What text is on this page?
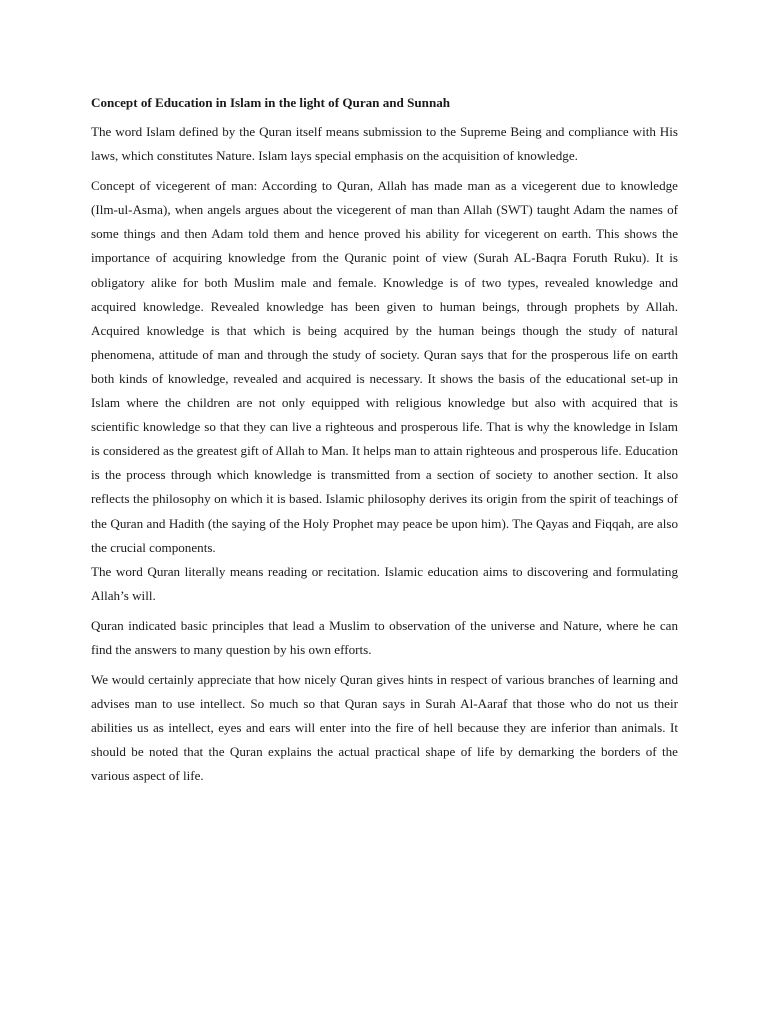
Concept of Education in Islam in the light of Quran and Sunnah

The word Islam defined by the Quran itself means submission to the Supreme Being and compliance with His laws, which constitutes Nature. Islam lays special emphasis on the acquisition of knowledge.

Concept of vicegerent of man: According to Quran, Allah has made man as a vicegerent due to knowledge (Ilm-ul-Asma), when angels argues about the vicegerent of man than Allah (SWT) taught Adam the names of some things and then Adam told them and hence proved his ability for vicegerent on earth. This shows the importance of acquiring knowledge from the Quranic point of view (Surah AL-Baqra Foruth Ruku). It is obligatory alike for both Muslim male and female. Knowledge is of two types, revealed knowledge and acquired knowledge. Revealed knowledge has been given to human beings, through prophets by Allah. Acquired knowledge is that which is being acquired by the human beings though the study of natural phenomena, attitude of man and through the study of society. Quran says that for the prosperous life on earth both kinds of knowledge, revealed and acquired is necessary. It shows the basis of the educational set-up in Islam where the children are not only equipped with religious knowledge but also with acquired that is scientific knowledge so that they can live a righteous and prosperous life. That is why the knowledge in Islam is considered as the greatest gift of Allah to Man. It helps man to attain righteous and prosperous life. Education is the process through which knowledge is transmitted from a section of society to another section. It also reflects the philosophy on which it is based. Islamic philosophy derives its origin from the spirit of teachings of the Quran and Hadith (the saying of the Holy Prophet may peace be upon him). The Qayas and Fiqqah, are also the crucial components.

The word Quran literally means reading or recitation. Islamic education aims to discovering and formulating Allah’s will.

Quran indicated basic principles that lead a Muslim to observation of the universe and Nature, where he can find the answers to many question by his own efforts.

We would certainly appreciate that how nicely Quran gives hints in respect of various branches of learning and advises man to use intellect. So much so that Quran says in Surah Al-Aaraf that those who do not us their abilities us as intellect, eyes and ears will enter into the fire of hell because they are inferior than animals. It should be noted that the Quran explains the actual practical shape of life by demarking the borders of the various aspect of life.
